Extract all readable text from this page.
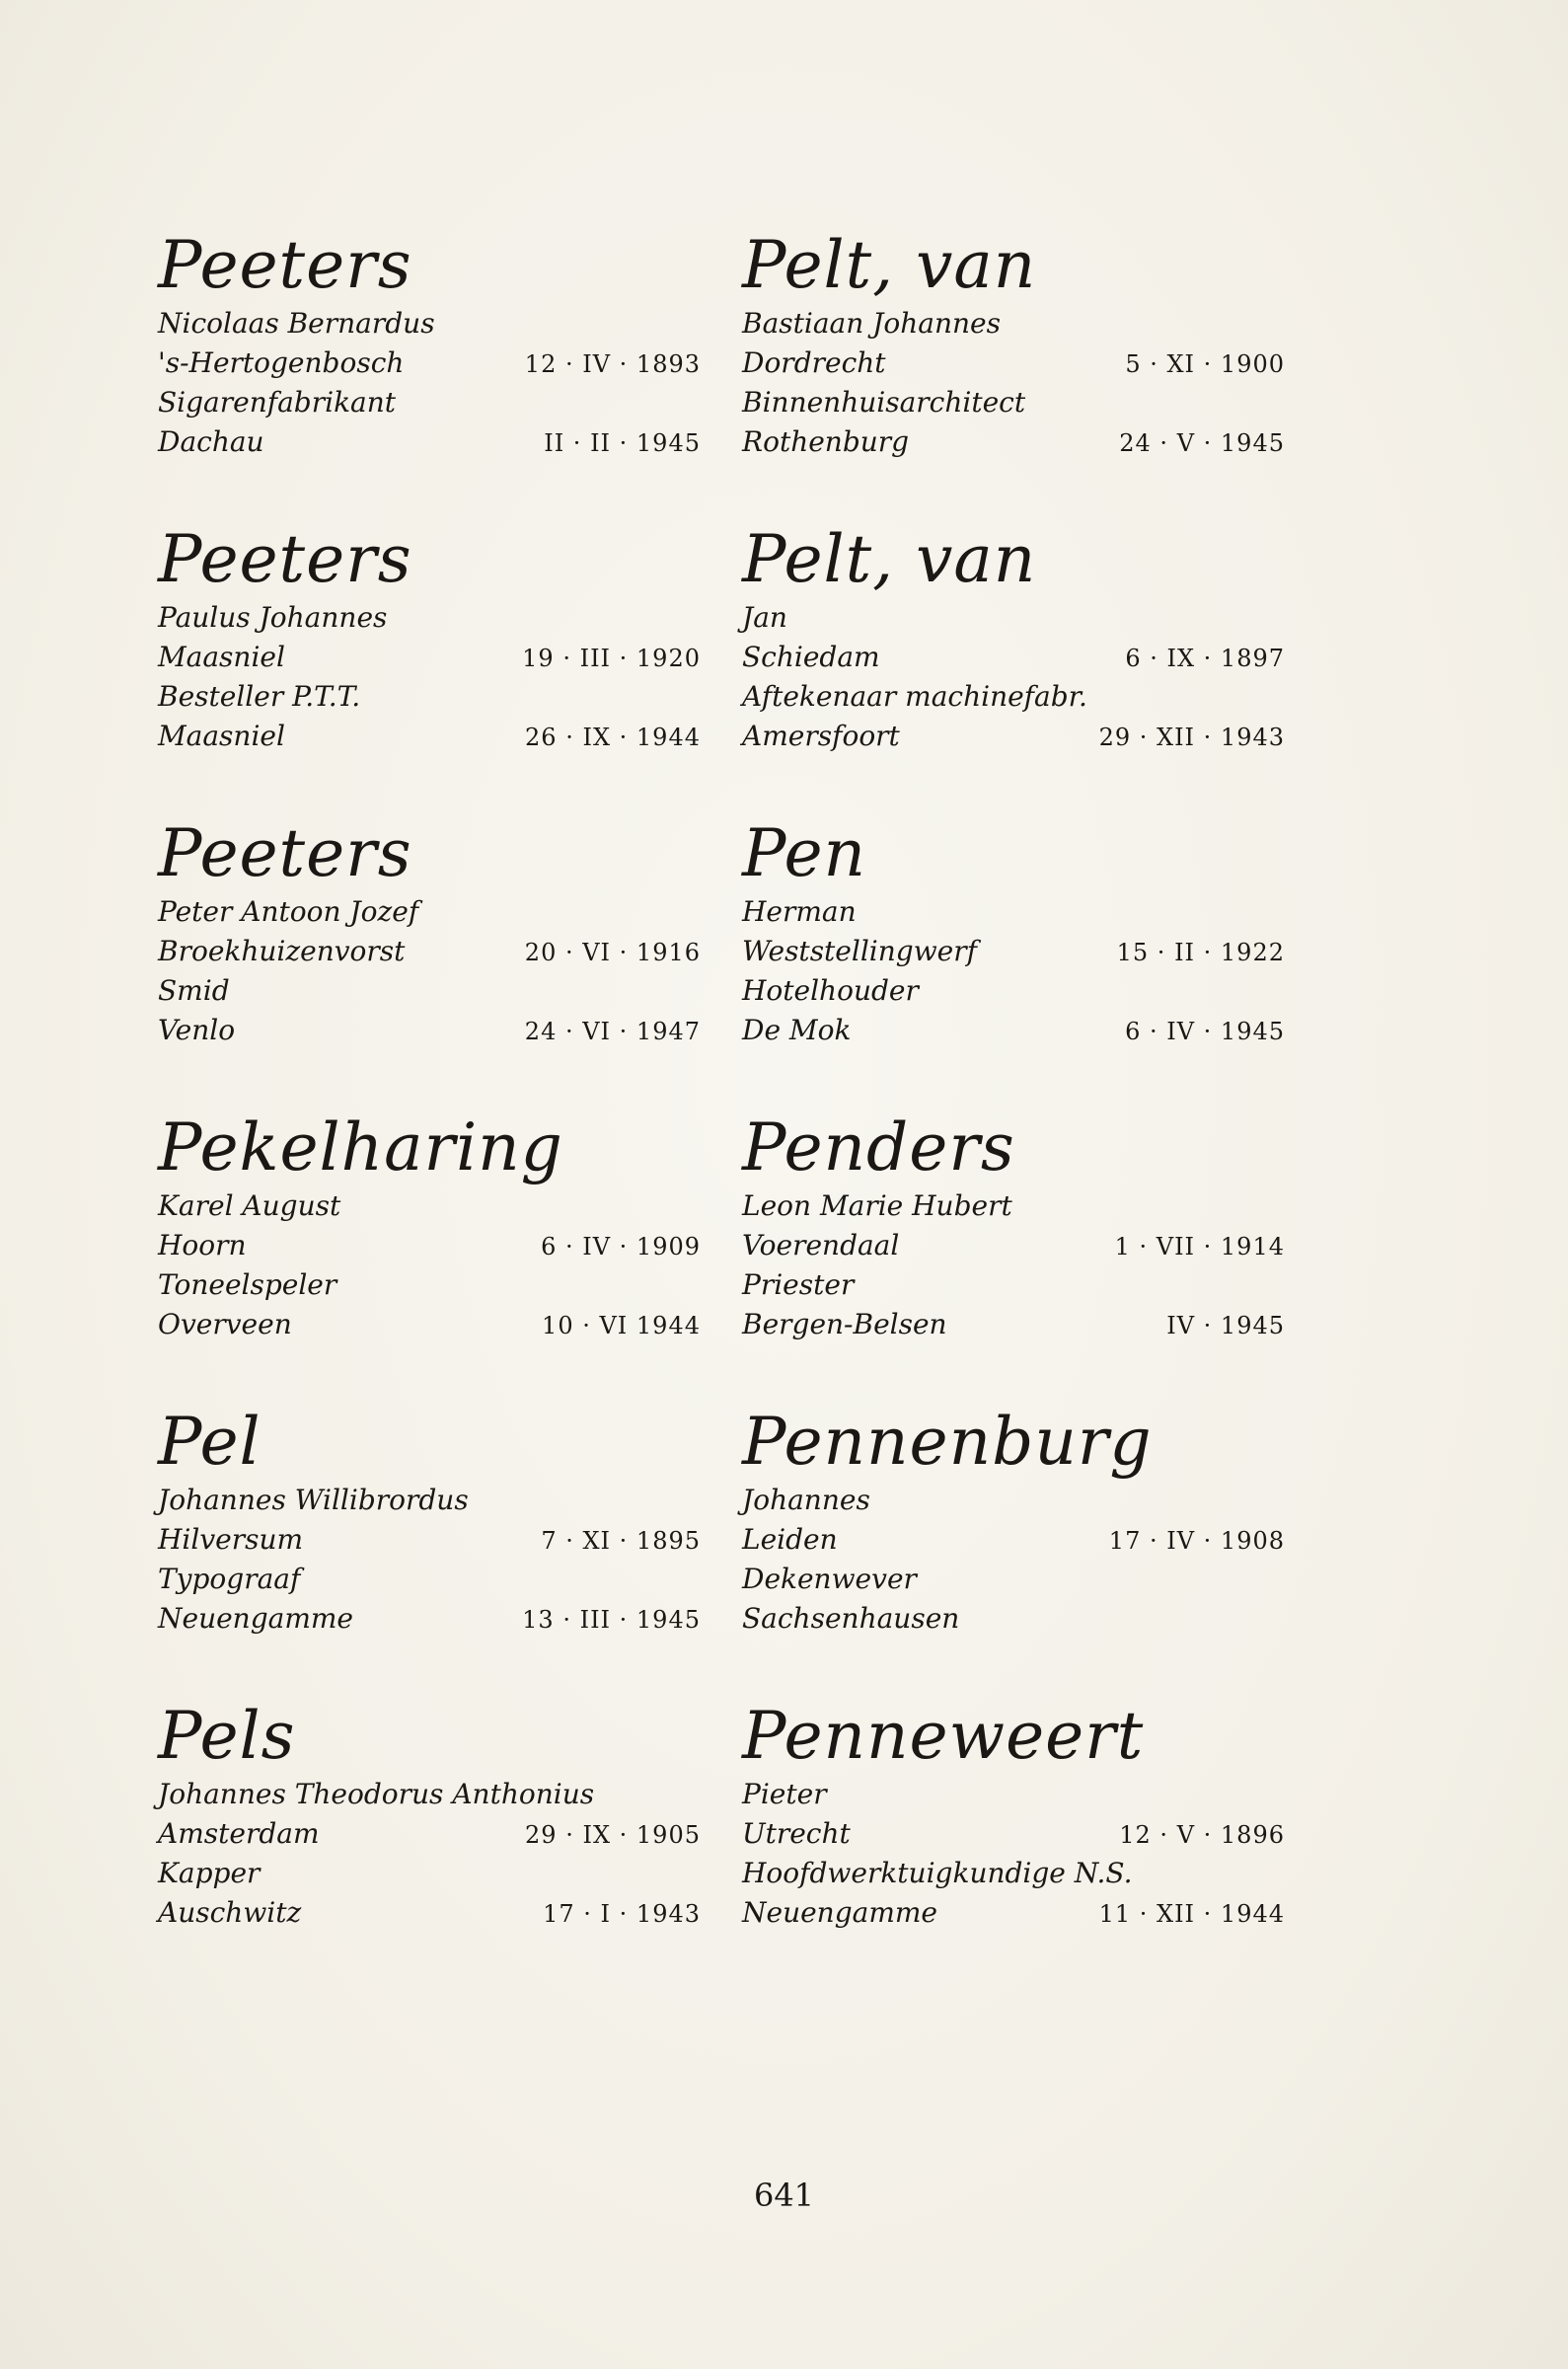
Peeters
Nicolaas Bernardus
's-Hertogenbosch	12 · IV · 1893
Sigarenfabrikant
Dachau	II · II · 1945
Peeters
Paulus Johannes
Maasniel	19 · III · 1920
Besteller P.T.T.
Maasniel	26 · IX · 1944
Peeters
Peter Antoon Jozef
Broekhuizenvorst	20 · VI · 1916
Smid
Venlo	24 · VI · 1947
Pekelharing
Karel August
Hoorn	6 · IV · 1909
Toneelspeler
Overveen	10 · VI 1944
Pel
Johannes Willibrordus
Hilversum	7 · XI · 1895
Typograaf
Neuengamme	13 · III · 1945
Pels
Johannes Theodorus Anthonius
Amsterdam	29 · IX · 1905
Kapper
Auschwitz	17 · I · 1943
Pelt, van
Bastiaan Johannes
Dordrecht	5 · XI · 1900
Binnenhuisarchitect
Rothenburg	24 · V · 1945
Pelt, van
Jan
Schiedam	6 · IX · 1897
Aftekenaar machinefabr.
Amersfoort	29 · XII · 1943
Pen
Herman
Weststellingwerf	15 · II · 1922
Hotelhouder
De Mok	6 · IV · 1945
Penders
Leon Marie Hubert
Voerendaal	1 · VII · 1914
Priester
Bergen-Belsen	IV · 1945
Pennenburg
Johannes
Leiden	17 · IV · 1908
Dekenwever
Sachsenhausen
Penneweert
Pieter
Utrecht	12 · V · 1896
Hoofdwerktuigkundige N.S.
Neuengamme	11 · XII · 1944
641
